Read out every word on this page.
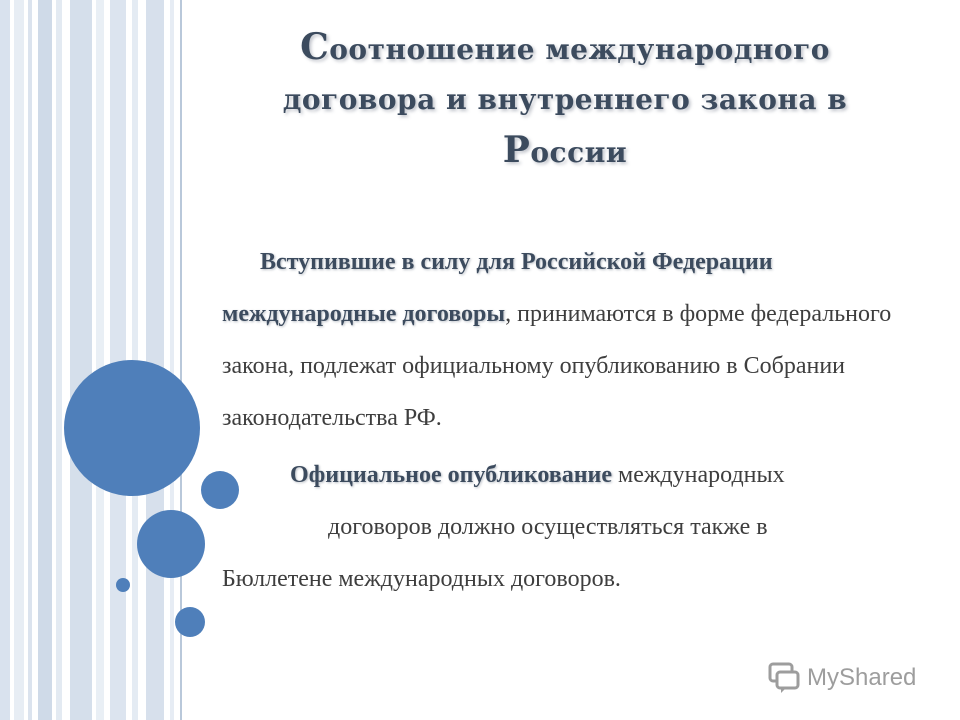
Соотношение международного
договора и внутреннего закона в
России
Вступившие в силу для Российской Федерации международные договоры, принимаются в форме федерального закона, подлежат официальному опубликованию в Собрании законодательства РФ.
Официальное опубликование международных
договоров должно осуществляться также в
Бюллетене международных договоров.
MyShared
